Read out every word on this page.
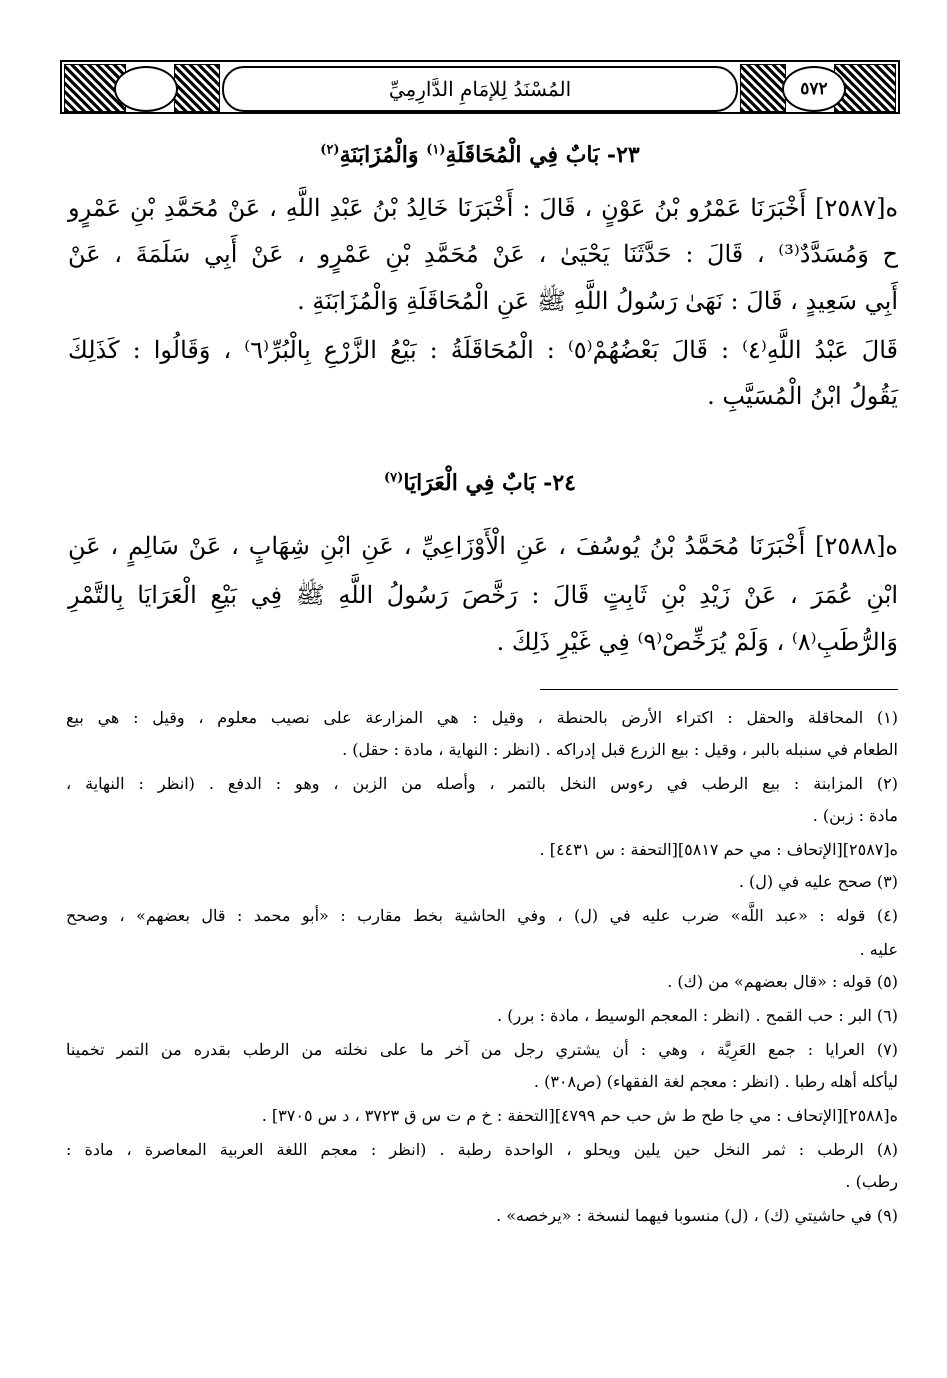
٥٧٢
المُسْنَدُ لِلإمَامِ الدَّارِمِيِّ
٢٣- بَابٌ فِي الْمُحَاقَلَةِ$^{(١)}$ وَالْمُزَابَنَةِ$^{(٢)}$
ه[٢٥٨٧] أَخْبَرَنَا عَمْرُو بْنُ عَوْنٍ ، قَالَ : أَخْبَرَنَا خَالِدُ بْنُ عَبْدِ اللَّهِ ، عَنْ مُحَمَّدِ بْنِ عَمْرٍو
ح وَمُسَدَّدٌ⁽³⁾ ، قَالَ : حَدَّثَنَا يَحْيَىٰ ، عَنْ مُحَمَّدِ بْنِ عَمْرٍو ، عَنْ أَبِي سَلَمَةَ ، عَنْ
أَبِي سَعِيدٍ ، قَالَ : نَهَىٰ رَسُولُ اللَّهِ ﷺ عَنِ الْمُحَاقَلَةِ وَالْمُزَابَنَةِ .
قَالَ عَبْدُ اللَّهِ⁽٤⁾ : قَالَ بَعْضُهُمْ⁽٥⁾ : الْمُحَاقَلَةُ : بَيْعُ الزَّرْعِ بِالْبُرِّ⁽٦⁾ ، وَقَالُوا : كَذَلِكَ
يَقُولُ ابْنُ الْمُسَيَّبِ .
٢٤- بَابٌ فِي الْعَرَايَا$^{(٧)}$
ه[٢٥٨٨] أَخْبَرَنَا مُحَمَّدُ بْنُ يُوسُفَ ، عَنِ الْأَوْزَاعِيِّ ، عَنِ ابْنِ شِهَابٍ ، عَنْ سَالِمٍ ، عَنِ
ابْنِ عُمَرَ ، عَنْ زَيْدِ بْنِ ثَابِتٍ قَالَ : رَخَّصَ رَسُولُ اللَّهِ ﷺ فِي بَيْعِ الْعَرَايَا بِالتَّمْرِ
وَالرُّطَبِ⁽٨⁾ ، وَلَمْ يُرَخِّصْ⁽٩⁾ فِي غَيْرِ ذَلِكَ .
(١) المحاقلة والحقل : اكتراء الأرض بالحنطة ، وقيل : هي المزارعة على نصيب معلوم ، وقيل : هي بيع
الطعام في سنبله بالبر ، وقيل : بيع الزرع قبل إدراكه . (انظر : النهاية ، مادة : حقل) .
(٢) المزابنة : بيع الرطب في رءوس النخل بالتمر ، وأصله من الزبن ، وهو : الدفع . (انظر : النهاية ،
مادة : زبن) .
ه[٢٥٨٧][الإتحاف : مي حم ٥٨١٧][التحفة : س ٤٤٣١] .
(٣) صحح عليه في (ل) .
(٤) قوله : «عبد اللَّه» ضرب عليه في (ل) ، وفي الحاشية بخط مقارب : «أبو محمد : قال بعضهم» ، وصحح
عليه .
(٥) قوله : «قال بعضهم» من (ك) .
(٦) البر : حب القمح . (انظر : المعجم الوسيط ، مادة : برر) .
(٧) العرايا : جمع العَرِيَّة ، وهي : أن يشتري رجل من آخر ما على نخلته من الرطب بقدره من التمر تخمينا
ليأكله أهله رطبا . (انظر : معجم لغة الفقهاء) (ص٣٠٨) .
ه[٢٥٨٨][الإتحاف : مي جا طح ط ش حب حم ٤٧٩٩][التحفة : خ م ت س ق ٣٧٢٣ ، د س ٣٧٠٥] .
(٨) الرطب : ثمر النخل حين يلين ويحلو ، الواحدة رطبة . (انظر : معجم اللغة العربية المعاصرة ، مادة :
رطب) .
(٩) في حاشيتي (ك) ، (ل) منسوبا فيهما لنسخة : «يرخصه» .
